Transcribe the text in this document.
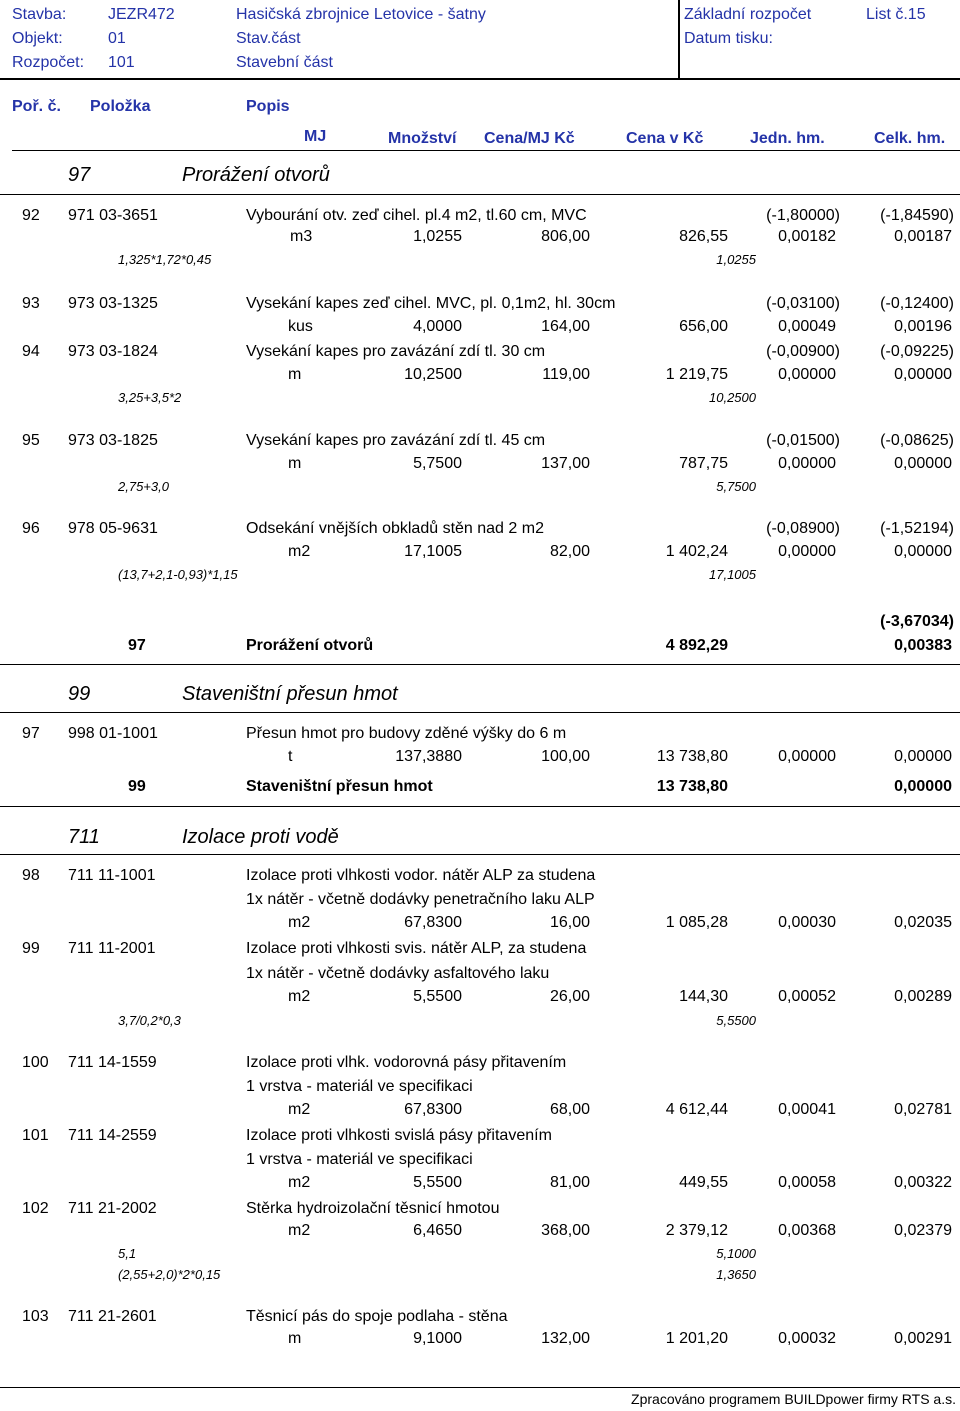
Stavba:	JEZR472	Hasičská zbrojnice Letovice - šatny
Objekt:	01	Stav.část
Rozpočet: 101	Stavební část
Základní rozpočet
Datum tisku:
List č.15
Poř. č. Položka	Popis
MJ	Množství Cena/MJ Kč	Cena v Kč	Jedn. hm.	Celk. hm.
97	Prorážení otvorů
92 971 03-3651	Vybourání otv. zeď cihel. pl.4 m2, tl.60 cm, MVC	(-1,80000)	(-1,84590)
m3	1,0255	806,00	826,55	0,00182	0,00187
1,325*1,72*0,45	1,0255
93 973 03-1325	Vysekání kapes zeď cihel. MVC, pl. 0,1m2, hl. 30cm	(-0,03100)	(-0,12400)
kus	4,0000	164,00	656,00	0,00049	0,00196
94 973 03-1824	Vysekání kapes pro zavázání zdí tl. 30 cm	(-0,00900)	(-0,09225)
m	10,2500	119,00	1 219,75	0,00000	0,00000
3,25+3,5*2	10,2500
95 973 03-1825	Vysekání kapes pro zavázání zdí tl. 45 cm	(-0,01500)	(-0,08625)
m	5,7500	137,00	787,75	0,00000	0,00000
2,75+3,0	5,7500
96 978 05-9631	Odsekání vnějších obkladů stěn nad 2 m2	(-0,08900)	(-1,52194)
m2	17,1005	82,00	1 402,24	0,00000	0,00000
(13,7+2,1-0,93)*1,15	17,1005
(-3,67034)
97	Prorážení otvorů	4 892,29	0,00383
99	Staveništní přesun hmot
97 998 01-1001	Přesun hmot pro budovy zděné výšky do 6 m
t	137,3880	100,00	13 738,80	0,00000	0,00000
99	Staveništní přesun hmot	13 738,80	0,00000
711	Izolace proti vodě
98 711 11-1001	Izolace proti vlhkosti vodor. nátěr ALP za studena
1x nátěr - včetně dodávky penetračního laku ALP
m2	67,8300	16,00	1 085,28	0,00030	0,02035
99 711 11-2001	Izolace proti vlhkosti svis. nátěr ALP, za studena
1x nátěr - včetně dodávky asfaltového laku
m2	5,5500	26,00	144,30	0,00052	0,00289
3,7/0,2*0,3	5,5500
100 711 14-1559	Izolace proti vlhk. vodorovná pásy přitavením
1 vrstva - materiál ve specifikaci
m2	67,8300	68,00	4 612,44	0,00041	0,02781
101 711 14-2559	Izolace proti vlhkosti svislá pásy přitavením
1 vrstva - materiál ve specifikaci
m2	5,5500	81,00	449,55	0,00058	0,00322
102 711 21-2002	Stěrka hydroizolační těsnicí hmotou
m2	6,4650	368,00	2 379,12	0,00368	0,02379
5,1	5,1000
(2,55+2,0)*2*0,15	1,3650
103 711 21-2601	Těsnicí pás do spoje podlaha - stěna
m	9,1000	132,00	1 201,20	0,00032	0,00291
Zpracováno programem BUILDpower firmy RTS a.s.
